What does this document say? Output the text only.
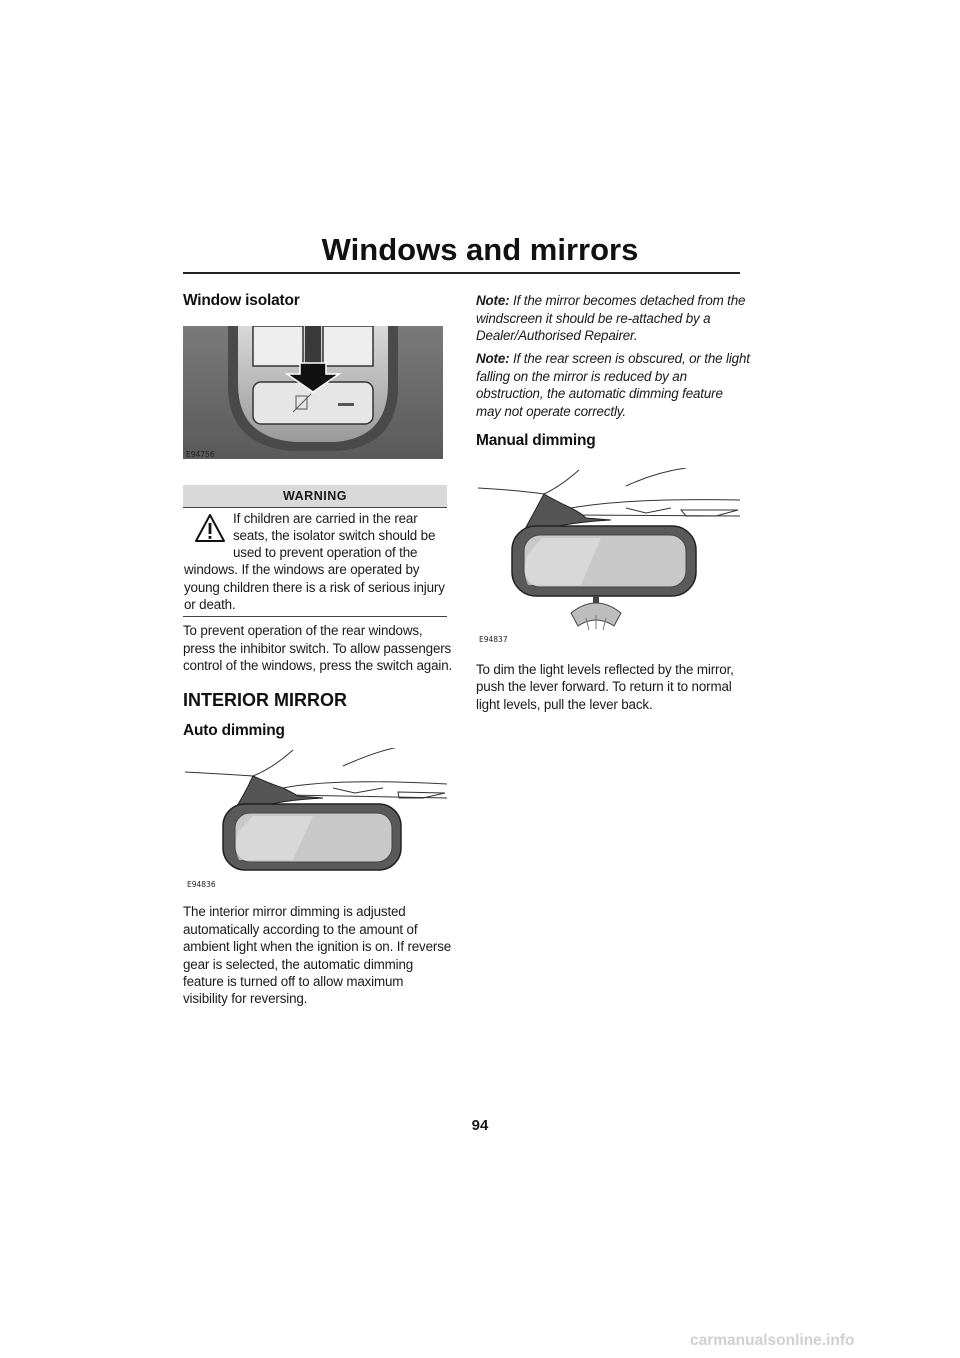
Windows and mirrors
Window isolator
E94756
WARNING
If children are carried in the rear
seats, the isolator switch should be
used to prevent operation of the
windows. If the windows are operated by
young children there is a risk of serious injury
or death.
To prevent operation of the rear windows,
press the inhibitor switch. To allow passengers
control of the windows, press the switch again.
INTERIOR MIRROR
Auto dimming
E94836
The interior mirror dimming is adjusted
automatically according to the amount of
ambient light when the ignition is on. If reverse
gear is selected, the automatic dimming
feature is turned off to allow maximum
visibility for reversing.
Note: If the mirror becomes detached from the
windscreen it should be re-attached by a
Dealer/Authorised Repairer.
Note: If the rear screen is obscured, or the light
falling on the mirror is reduced by an
obstruction, the automatic dimming feature
may not operate correctly.
Manual dimming
E94837
To dim the light levels reflected by the mirror,
push the lever forward. To return it to normal
light levels, pull the lever back.
94
carmanualsonline.info
